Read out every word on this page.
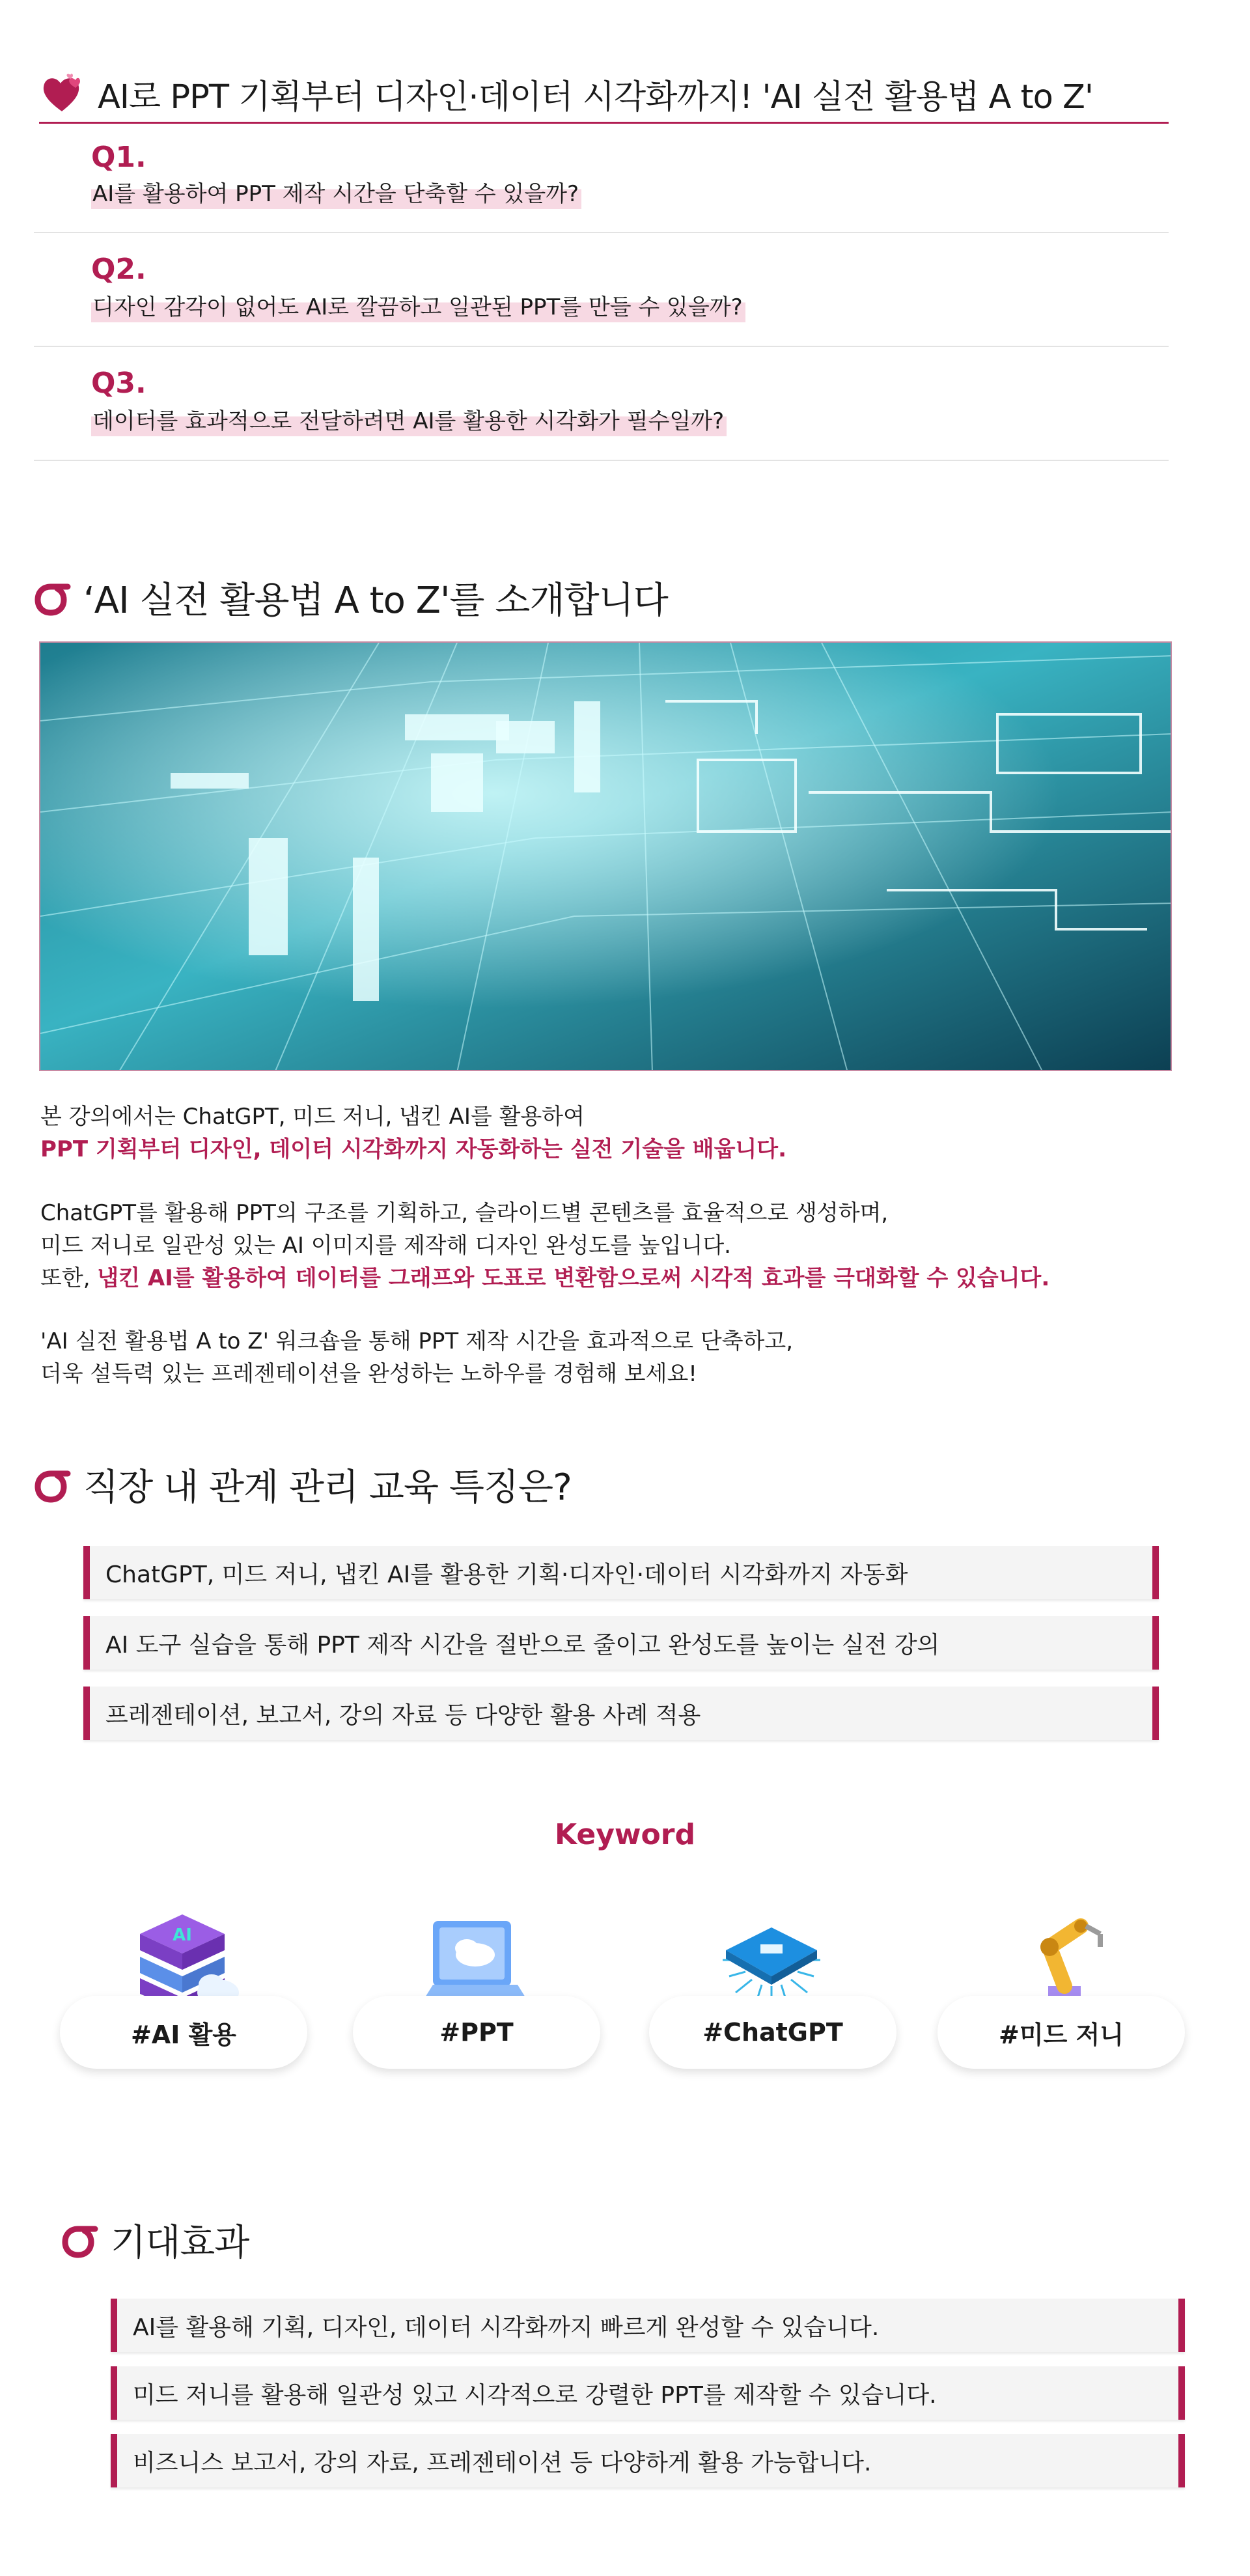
AI로 PPT 기획부터 디자인·데이터 시각화까지! 'AI 실전 활용법 A to Z'
Q1.
AI를 활용하여 PPT 제작 시간을 단축할 수 있을까?
Q2.
디자인 감각이 없어도 AI로 깔끔하고 일관된 PPT를 만들 수 있을까?
Q3.
데이터를 효과적으로 전달하려면 AI를 활용한 시각화가 필수일까?
‘AI 실전 활용법 A to Z'를 소개합니다
본 강의에서는 ChatGPT, 미드 저니, 냅킨 AI를 활용하여
PPT 기획부터 디자인, 데이터 시각화까지 자동화하는 실전 기술을 배웁니다.
ChatGPT를 활용해 PPT의 구조를 기획하고, 슬라이드별 콘텐츠를 효율적으로 생성하며,
미드 저니로 일관성 있는 AI 이미지를 제작해 디자인 완성도를 높입니다.
또한, 냅킨 AI를 활용하여 데이터를 그래프와 도표로 변환함으로써 시각적 효과를 극대화할 수 있습니다.
'AI 실전 활용법 A to Z' 워크숍을 통해 PPT 제작 시간을 효과적으로 단축하고,
더욱 설득력 있는 프레젠테이션을 완성하는 노하우를 경험해 보세요!
직장 내 관계 관리 교육 특징은?
ChatGPT, 미드 저니, 냅킨 AI를 활용한 기획·디자인·데이터 시각화까지 자동화
AI 도구 실습을 통해 PPT 제작 시간을 절반으로 줄이고 완성도를 높이는 실전 강의
프레젠테이션, 보고서, 강의 자료 등 다양한 활용 사례 적용
Keyword
AI
#AI 활용	#PPT	#ChatGPT	#미드 저니
기대효과
AI를 활용해 기획, 디자인, 데이터 시각화까지 빠르게 완성할 수 있습니다.
미드 저니를 활용해 일관성 있고 시각적으로 강렬한 PPT를 제작할 수 있습니다.
비즈니스 보고서, 강의 자료, 프레젠테이션 등 다양하게 활용 가능합니다.
